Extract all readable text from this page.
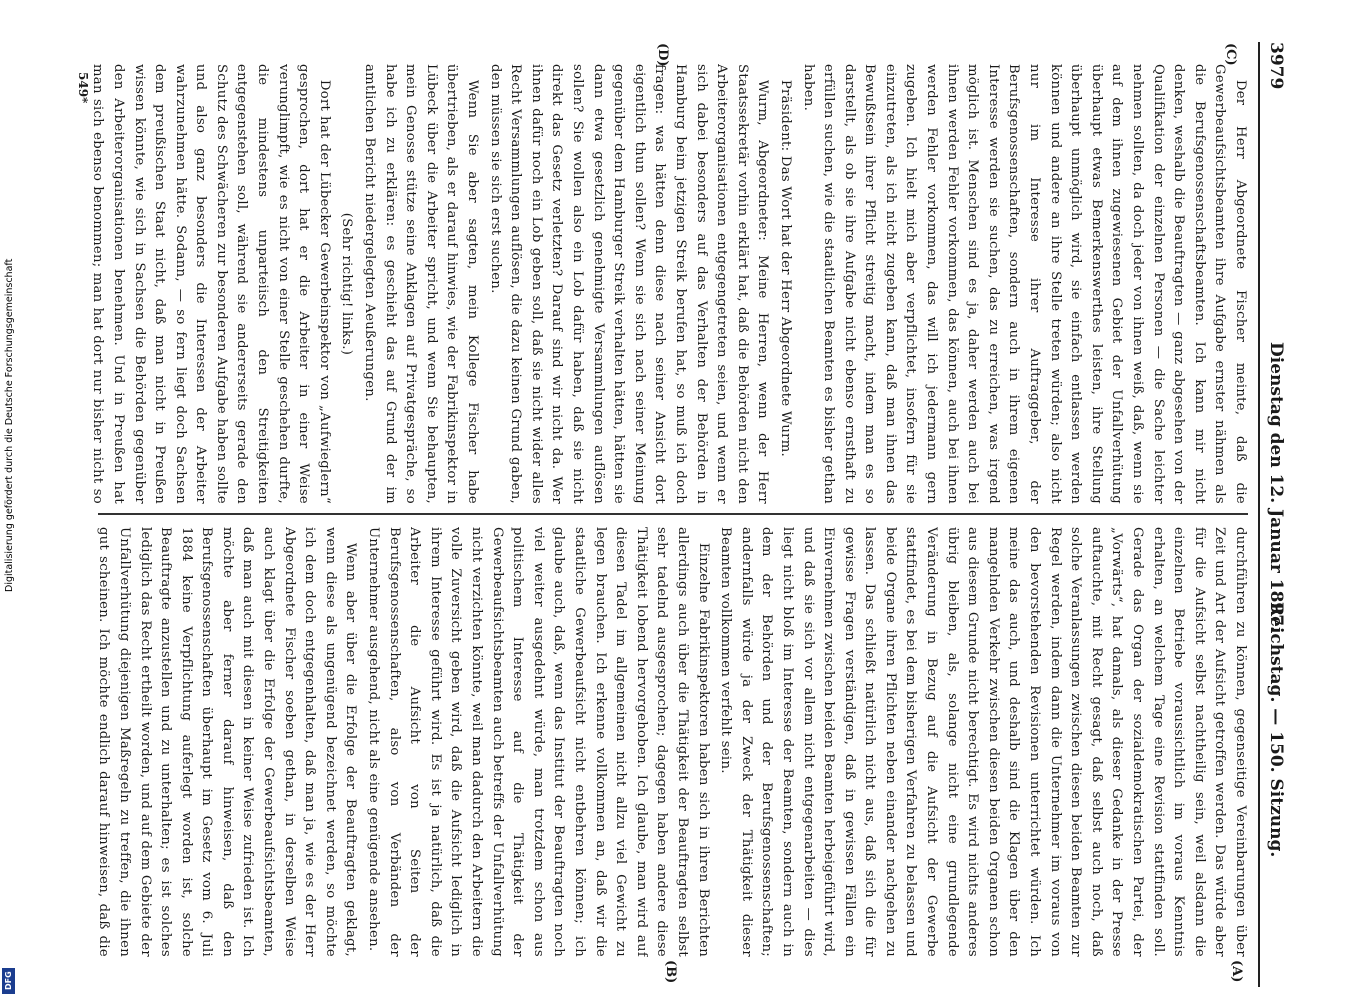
3979
Dienstag den 12. Januar 1897.
Reichstag. — 150. Sitzung.
(C)
(D)
(A)
(B)

Der Herr Abgeordnete Fischer meinte, daß die Gewerbeaufsichtsbeamten ihre Aufgabe ernster nähmen als die Berufsgenossenschaftsbeamten. Ich kann mir nicht denken, weshalb die Beauftragten — ganz abgesehen von der Qualifikation der einzelnen Personen — die Sache leichter nehmen sollten, da doch jeder von ihnen weiß, daß, wenn sie auf dem ihnen zugewiesenen Gebiet der Unfallverhütung überhaupt etwas Bemerkenswerthes leisten, ihre Stellung überhaupt unmöglich wird, sie einfach entlassen werden können und andere an ihre Stelle treten würden; also nicht nur im Interesse ihrer Auftraggeber, der Berufsgenossenschaften, sondern auch in ihrem eigenen Interesse werden sie suchen, das zu erreichen, was irgend möglich ist. Menschen sind es ja, daher werden auch bei ihnen werden Fehler vorkommen, das können, auch bei ihnen werden Fehler vorkommen, das will ich jedermann gern zugeben. Ich hielt mich aber verpflichtet, insofern für sie einzutreten, als ich nicht zugeben kann, daß man ihnen das Bewußtsein ihrer Pflicht streitig macht, indem man es so darstellt, als ob sie ihre Aufgabe nicht ebenso ernsthaft zu erfüllen suchen, wie die staatlichen Beamten es bisher gethan haben.

Präsident: Das Wort hat der Herr Abgeordnete Wurm.

Wurm, Abgeordneter: Meine Herren, wenn der Herr Staatssekretär vorhin erklärt hat, daß die Behörden nicht den Arbeiterorganisationen entgegengetreten seien, und wenn er sich dabei besonders auf das Verhalten der Behörden in Hamburg beim jetzigen Streik berufen hat, so muß ich doch fragen: was hätten denn diese nach seiner Ansicht dort eigentlich thun sollen? Wenn sie sich nach seiner Meinung gegenüber dem Hamburger Streik verhalten hätten, hätten sie dann etwa gesetzlich genehmigte Versammlungen auflösen sollen? Sie wollen also ein Lob dafür haben, daß sie nicht direkt das Gesetz verletzten? Darauf sind wir nicht da. Wer ihnen dafür noch ein Lob geben soll, daß sie nicht wider alles Recht Versammlungen auflösen, die dazu keinen Grund gaben, den müssen sie sich erst suchen.

Wenn Sie aber sagten, mein Kollege Fischer habe übertrieben, als er darauf hinwies, wie der Fabrikinspektor in Lübeck über die Arbeiter spricht, und wenn Sie behaupten, mein Genosse stütze seine Anklagen auf Privatgespräche, so habe ich zu erklären: es geschieht das auf Grund der im amtlichen Bericht niedergelegten Aeußerungen.

(Sehr richtig! links.)

Dort hat der Lübecker Gewerbeinspektor von „Aufwieglern“ gesprochen, dort hat er die Arbeiter in einer Weise verunglimpft, wie es nicht von einer Stelle geschehen durfte, die mindestens unparteiisch den Streitigkeiten entgegenstehen soll, während sie andererseits gerade den Schutz des Schwächeren zur besonderen Aufgabe haben sollte und also ganz besonders die Interessen der Arbeiter wahrzunehmen hätte. Sodann, — so fern liegt doch Sachsen dem preußischen Staat nicht, daß man nicht in Preußen wissen könnte, wie sich in Sachsen die Behörden gegenüber den Arbeiterorganisationen benehmen. Und in Preußen hat man sich ebenso benommen; man hat dort nur bisher nicht so

durchführen zu können, gegenseitige Vereinbarungen über Zeit und Art der Aufsicht getroffen werden. Das würde aber für die Aufsicht selbst nachtheilig sein, weil alsdann die einzelnen Betriebe voraussichtlich im voraus Kenntnis erhalten, an welchem Tage eine Revision stattfinden soll. Gerade das Organ der sozialdemokratischen Partei, der „Vorwärts“, hat damals, als dieser Gedanke in der Presse auftauchte, mit Recht gesagt, daß selbst auch noch, daß solche Veranlassungen zwischen diesen beiden Beamten zur Regel werden, indem dann die Unternehmer im voraus von den bevorstehenden Revisionen unterrichtet würden. Ich meine das auch, und deshalb sind die Klagen über den mangelnden Verkehr zwischen diesen beiden Organen schon aus diesem Grunde nicht berechtigt. Es wird nichts anderes übrig bleiben, als, solange nicht eine grundlegende Veränderung in Bezug auf die Aufsicht der Gewerbe stattfindet, es bei dem bisherigen Verfahren zu belassen und beide Organe ihren Pflichten neben einander nachgehen zu lassen. Das schließt natürlich nicht aus, daß sich die für gewisse Fragen verständigen, daß in gewissen Fällen ein Einvernehmen zwischen beiden Beamten herbeigeführt wird, und daß sie sich vor allem nicht entgegenarbeiten — dies liegt nicht bloß im Interesse der Beamten, sondern auch in dem der Behörden und der Berufsgenossenschaften; andernfalls würde ja der Zweck der Thätigkeit dieser Beamten vollkommen verfehlt sein.

Einzelne Fabrikinspektoren haben sich in ihren Berichten allerdings auch über die Thätigkeit der Beauftragten selbst sehr tadelnd ausgesprochen; dagegen haben andere diese Thätigkeit lobend hervorgehoben. Ich glaube, man wird auf diesen Tadel im allgemeinen nicht allzu viel Gewicht zu legen brauchen. Ich erkenne vollkommen an, daß wir die staatliche Gewerbeaufsicht nicht entbehren können; ich glaube auch, daß, wenn das Institut der Beauftragten noch viel weiter ausgedehnt würde, man trotzdem schon aus politischem Interesse auf die Thätigkeit der Gewerbeaufsichtsbeamten auch betreffs der Unfallverhütung nicht verzichten könnte, weil man dadurch den Arbeitern die volle Zuversicht geben wird, daß die Aufsicht lediglich in ihrem Interesse geführt wird. Es ist ja natürlich, daß die Arbeiter die Aufsicht von Seiten der Berufsgenossenschaften, also von Verbänden der Unternehmer ausgehend, nicht als eine genügende ansehen.

Wenn aber über die Erfolge der Beauftragten geklagt, wenn diese als ungenügend bezeichnet werden, so möchte ich dem doch entgegenhalten, daß man ja, wie es der Herr Abgeordnete Fischer soeben gethan, in derselben Weise auch klagt über die Erfolge der Gewerbeaufsichtsbeamten, daß man auch mit diesen in keiner Weise zufrieden ist. Ich möchte aber ferner darauf hinweisen, daß den Berufsgenossenschaften überhaupt im Gesetz vom 6. Juli 1884 keine Verpflichtung auferlegt worden ist, solche Beauftragte anzustellen und zu unterhalten; es ist solches lediglich das Recht ertheilt worden, und auf dem Gebiete der Unfallverhütung diejenigen Maßregeln zu treffen, die ihnen gut scheinen. Ich möchte endlich darauf hinweisen, daß die

549*
Digitalisierung gefördert durch die Deutsche Forschungsgemeinschaft
DFG
